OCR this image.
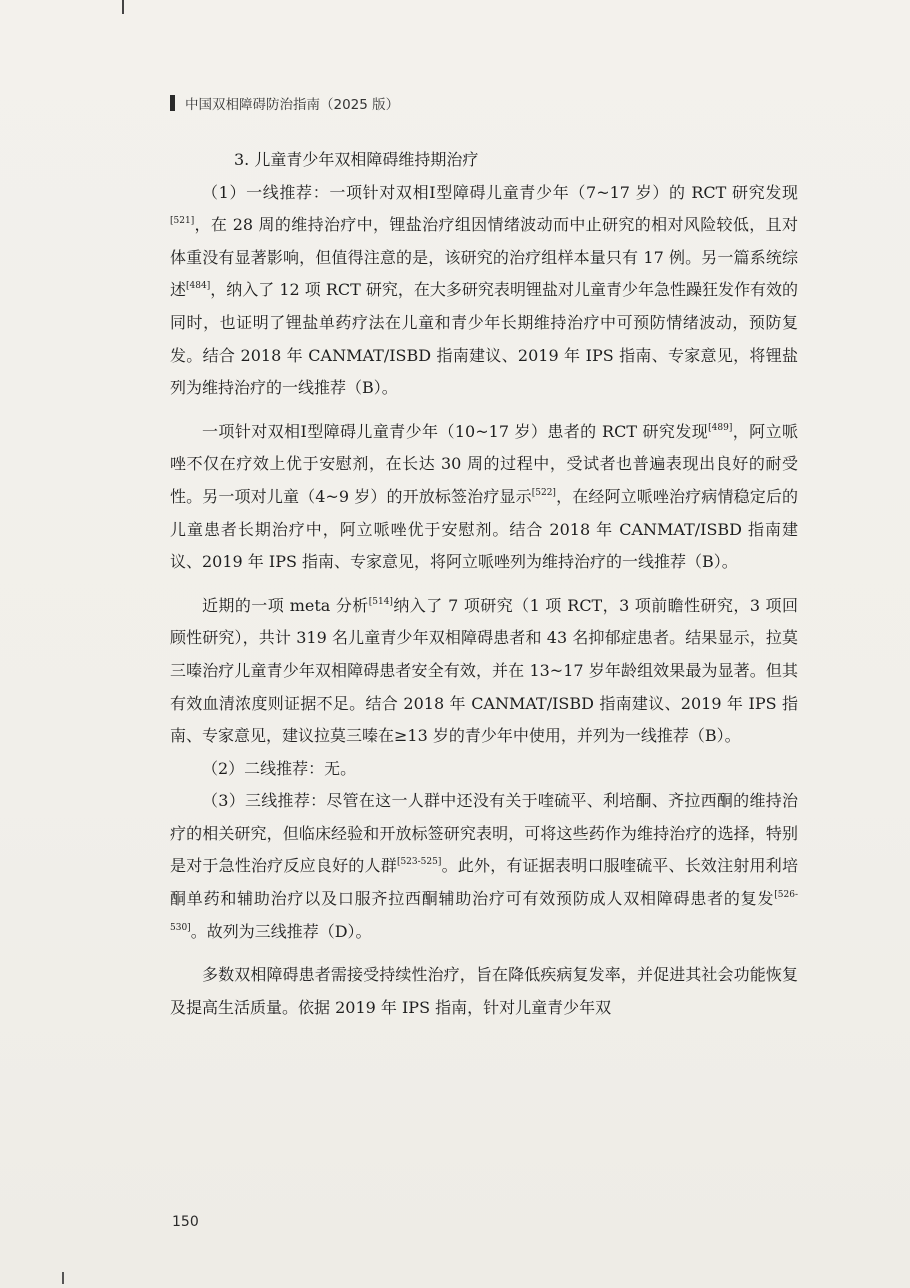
中国双相障碍防治指南（2025 版）

3. 儿童青少年双相障碍维持期治疗

（1）一线推荐：一项针对双相Ⅰ型障碍儿童青少年（7~17 岁）的 RCT 研究发现[521]，在 28 周的维持治疗中，锂盐治疗组因情绪波动而中止研究的相对风险较低，且对体重没有显著影响，但值得注意的是，该研究的治疗组样本量只有 17 例。另一篇系统综述[484]，纳入了 12 项 RCT 研究，在大多研究表明锂盐对儿童青少年急性躁狂发作有效的同时，也证明了锂盐单药疗法在儿童和青少年长期维持治疗中可预防情绪波动，预防复发。结合 2018 年 CANMAT/ISBD 指南建议、2019 年 IPS 指南、专家意见，将锂盐列为维持治疗的一线推荐（B）。

一项针对双相Ⅰ型障碍儿童青少年（10~17 岁）患者的 RCT 研究发现[489]，阿立哌唑不仅在疗效上优于安慰剂，在长达 30 周的过程中，受试者也普遍表现出良好的耐受性。另一项对儿童（4~9 岁）的开放标签治疗显示[522]，在经阿立哌唑治疗病情稳定后的儿童患者长期治疗中，阿立哌唑优于安慰剂。结合 2018 年 CANMAT/ISBD 指南建议、2019 年 IPS 指南、专家意见，将阿立哌唑列为维持治疗的一线推荐（B）。

近期的一项 meta 分析[514]纳入了 7 项研究（1 项 RCT，3 项前瞻性研究，3 项回顾性研究），共计 319 名儿童青少年双相障碍患者和 43 名抑郁症患者。结果显示，拉莫三嗪治疗儿童青少年双相障碍患者安全有效，并在 13~17 岁年龄组效果最为显著。但其有效血清浓度则证据不足。结合 2018 年 CANMAT/ISBD 指南建议、2019 年 IPS 指南、专家意见，建议拉莫三嗪在≥13 岁的青少年中使用，并列为一线推荐（B）。

（2）二线推荐：无。

（3）三线推荐：尽管在这一人群中还没有关于喹硫平、利培酮、齐拉西酮的维持治疗的相关研究，但临床经验和开放标签研究表明，可将这些药作为维持治疗的选择，特别是对于急性治疗反应良好的人群[523-525]。此外，有证据表明口服喹硫平、长效注射用利培酮单药和辅助治疗以及口服齐拉西酮辅助治疗可有效预防成人双相障碍患者的复发[526-530]。故列为三线推荐（D）。

多数双相障碍患者需接受持续性治疗，旨在降低疾病复发率，并促进其社会功能恢复及提高生活质量。依据 2019 年 IPS 指南，针对儿童青少年双

150
